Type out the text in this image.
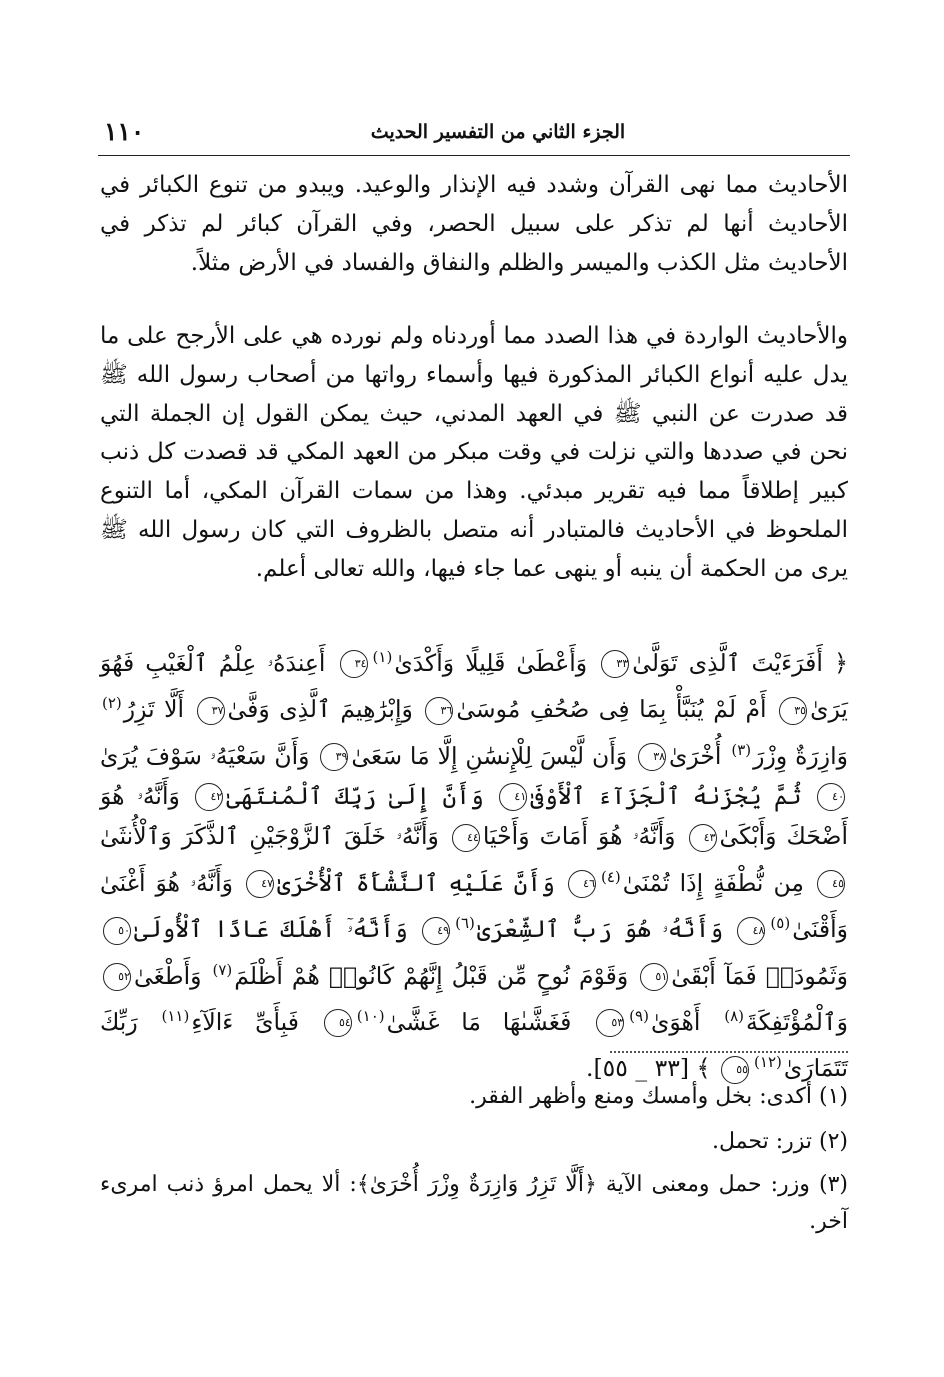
١١٠	الجزء الثاني من التفسير الحديث
الأحاديث مما نهى القرآن وشدد فيه الإنذار والوعيد. ويبدو من تنوع الكبائر في الأحاديث أنها لم تذكر على سبيل الحصر، وفي القرآن كبائر لم تذكر في الأحاديث مثل الكذب والميسر والظلم والنفاق والفساد في الأرض مثلاً.
والأحاديث الواردة في هذا الصدد مما أوردناه ولم نورده هي على الأرجح على ما يدل عليه أنواع الكبائر المذكورة فيها وأسماء رواتها من أصحاب رسول الله ﷺ قد صدرت عن النبي ﷺ في العهد المدني، حيث يمكن القول إن الجملة التي نحن في صددها والتي نزلت في وقت مبكر من العهد المكي قد قصدت كل ذنب كبير إطلاقاً مما فيه تقرير مبدئي. وهذا من سمات القرآن المكي، أما التنوع الملحوظ في الأحاديث فالمتبادر أنه متصل بالظروف التي كان رسول الله ﷺ يرى من الحكمة أن ينبه أو ينهى عما جاء فيها، والله تعالى أعلم.
﴿ أَفَرَءَيْتَ ٱلَّذِى تَوَلَّىٰ٣٣ وَأَعْطَىٰ قَلِيلًا وَأَكْدَىٰ$^{(١)}$٣٤ أَعِندَهُۥ عِلْمُ ٱلْغَيْبِ فَهُوَ يَرَىٰ٣٥ أَمْ لَمْ يُنَبَّأْ بِمَا فِى صُحُفِ مُوسَىٰ٣٦ وَإِبْرَٰهِيمَ ٱلَّذِى وَفَّىٰ٣٧ أَلَّا تَزِرُ$^{(٢)}$ وَازِرَةٌ وِزْرَ$^{(٣)}$ أُخْرَىٰ٣٨ وَأَن لَّيْسَ لِلْإِنسَٰنِ إِلَّا مَا سَعَىٰ٣٩ وَأَنَّ سَعْيَهُۥ سَوْفَ يُرَىٰ٤٠ ثُمَّ يُجْزَىٰهُ ٱلْجَزَآءَ ٱلْأَوْفَىٰ٤١ وَأَنَّ إِلَىٰ رَبِّكَ ٱلْمُنتَهَىٰ٤٢ وَأَنَّهُۥ هُوَ أَضْحَكَ وَأَبْكَىٰ٤٣ وَأَنَّهُۥ هُوَ أَمَاتَ وَأَحْيَا٤٤ وَأَنَّهُۥ خَلَقَ ٱلزَّوْجَيْنِ ٱلذَّكَرَ وَٱلْأُنثَىٰ٤٥ مِن نُّطْفَةٍ إِذَا تُمْنَىٰ$^{(٤)}$٤٦ وَأَنَّ عَلَيْهِ ٱلنَّشْأَةَ ٱلْأُخْرَىٰ٤٧ وَأَنَّهُۥ هُوَ أَغْنَىٰ وَأَقْنَىٰ$^{(٥)}$٤٨ وَأَنَّهُۥ هُوَ رَبُّ ٱلشِّعْرَىٰ$^{(٦)}$٤٩ وَأَنَّهُۥٓ أَهْلَكَ عَادًا ٱلْأُولَىٰ٥٠ وَثَمُودَا۟ فَمَآ أَبْقَىٰ٥١ وَقَوْمَ نُوحٍ مِّن قَبْلُ إِنَّهُمْ كَانُوا۟ هُمْ أَظْلَمَ$^{(٧)}$ وَأَطْغَىٰ٥٢ وَٱلْمُؤْتَفِكَةَ$^{(٨)}$ أَهْوَىٰ$^{(٩)}$٥٣ فَغَشَّىٰهَا مَا غَشَّىٰ$^{(١٠)}$٥٤ فَبِأَىِّ ءَالَآءِ$^{(١١)}$ رَبِّكَ تَتَمَارَىٰ$^{(١٢)}$٥٥ ﴾ [٣٣ _ ٥٥].
(١) أكدى: بخل وأمسك ومنع وأظهر الفقر.
(٢) تزر: تحمل.
(٣) وزر: حمل ومعنى الآية ﴿أَلَّا تَزِرُ وَازِرَةٌ وِزْرَ أُخْرَىٰ﴾: ألا يحمل امرؤ ذنب امرىء آخر.
